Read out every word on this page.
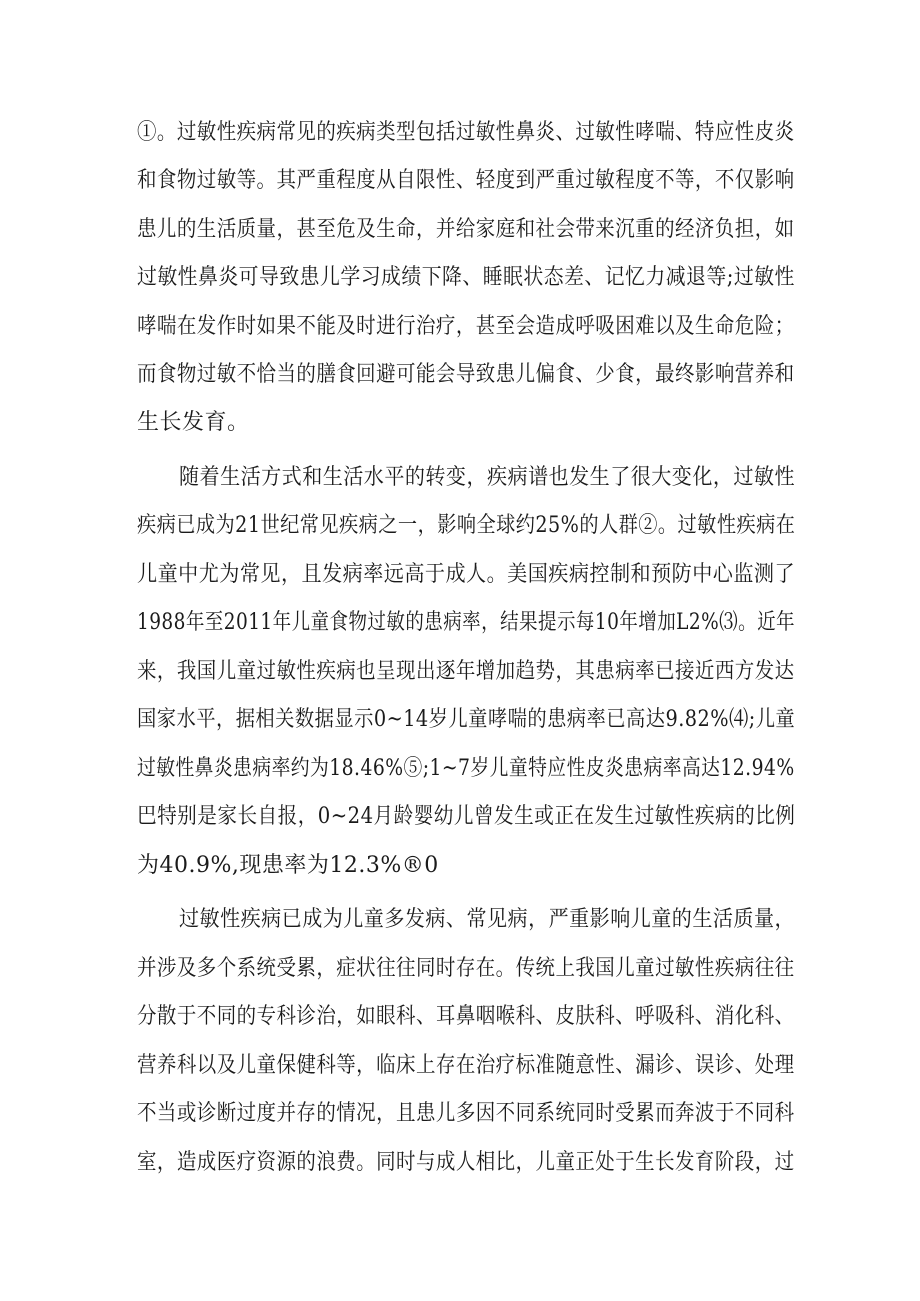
①。过敏性疾病常见的疾病类型包括过敏性鼻炎、过敏性哮喘、特应性皮炎
和食物过敏等。其严重程度从自限性、轻度到严重过敏程度不等，不仅影响
患儿的生活质量，甚至危及生命，并给家庭和社会带来沉重的经济负担，如
过敏性鼻炎可导致患儿学习成绩下降、睡眠状态差、记忆力减退等;过敏性
哮喘在发作时如果不能及时进行治疗，甚至会造成呼吸困难以及生命危险；
而食物过敏不恰当的膳食回避可能会导致患儿偏食、少食，最终影响营养和
生长发育。
随着生活方式和生活水平的转变，疾病谱也发生了很大变化，过敏性
疾病已成为21世纪常见疾病之一，影响全球约25%的人群②。过敏性疾病在
儿童中尤为常见，且发病率远高于成人。美国疾病控制和预防中心监测了
1988年至2011年儿童食物过敏的患病率，结果提示每10年增加L2%⑶。近年
来，我国儿童过敏性疾病也呈现出逐年增加趋势，其患病率已接近西方发达
国家水平，据相关数据显示0~14岁儿童哮喘的患病率已高达9.82%⑷;儿童
过敏性鼻炎患病率约为18.46%⑤;1~7岁儿童特应性皮炎患病率高达12.94%
巴特别是家长自报，0~24月龄婴幼儿曾发生或正在发生过敏性疾病的比例
为40.9%,现患率为12.3%®0
过敏性疾病已成为儿童多发病、常见病，严重影响儿童的生活质量，
并涉及多个系统受累，症状往往同时存在。传统上我国儿童过敏性疾病往往
分散于不同的专科诊治，如眼科、耳鼻咽喉科、皮肤科、呼吸科、消化科、
营养科以及儿童保健科等，临床上存在治疗标准随意性、漏诊、误诊、处理
不当或诊断过度并存的情况，且患儿多因不同系统同时受累而奔波于不同科
室，造成医疗资源的浪费。同时与成人相比，儿童正处于生长发育阶段，过
